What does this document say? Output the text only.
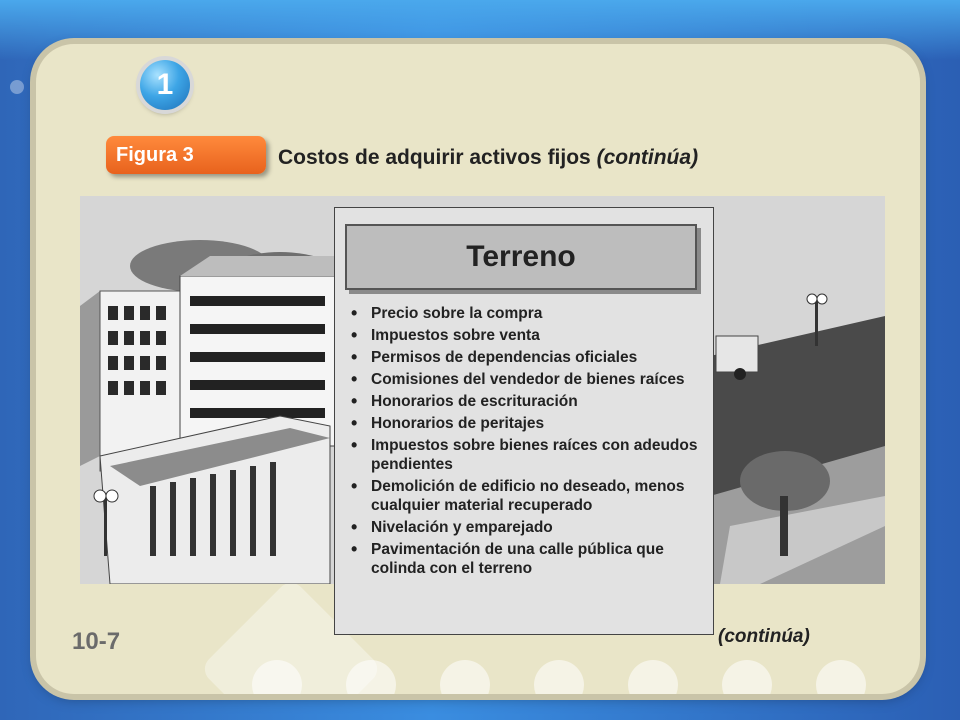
1
Figura 3	Costos de adquirir activos fijos (continúa)
Terreno
• Precio sobre la compra
• Impuestos sobre venta
• Permisos de dependencias oficiales
• Comisiones del vendedor de bienes raíces
• Honorarios de escrituración
• Honorarios de peritajes
• Impuestos sobre bienes raíces con adeudos pendientes
• Demolición de edificio no deseado, menos cualquier material recuperado
• Nivelación y emparejado
• Pavimentación de una calle pública que colinda con el terreno
(continúa)
10-7
